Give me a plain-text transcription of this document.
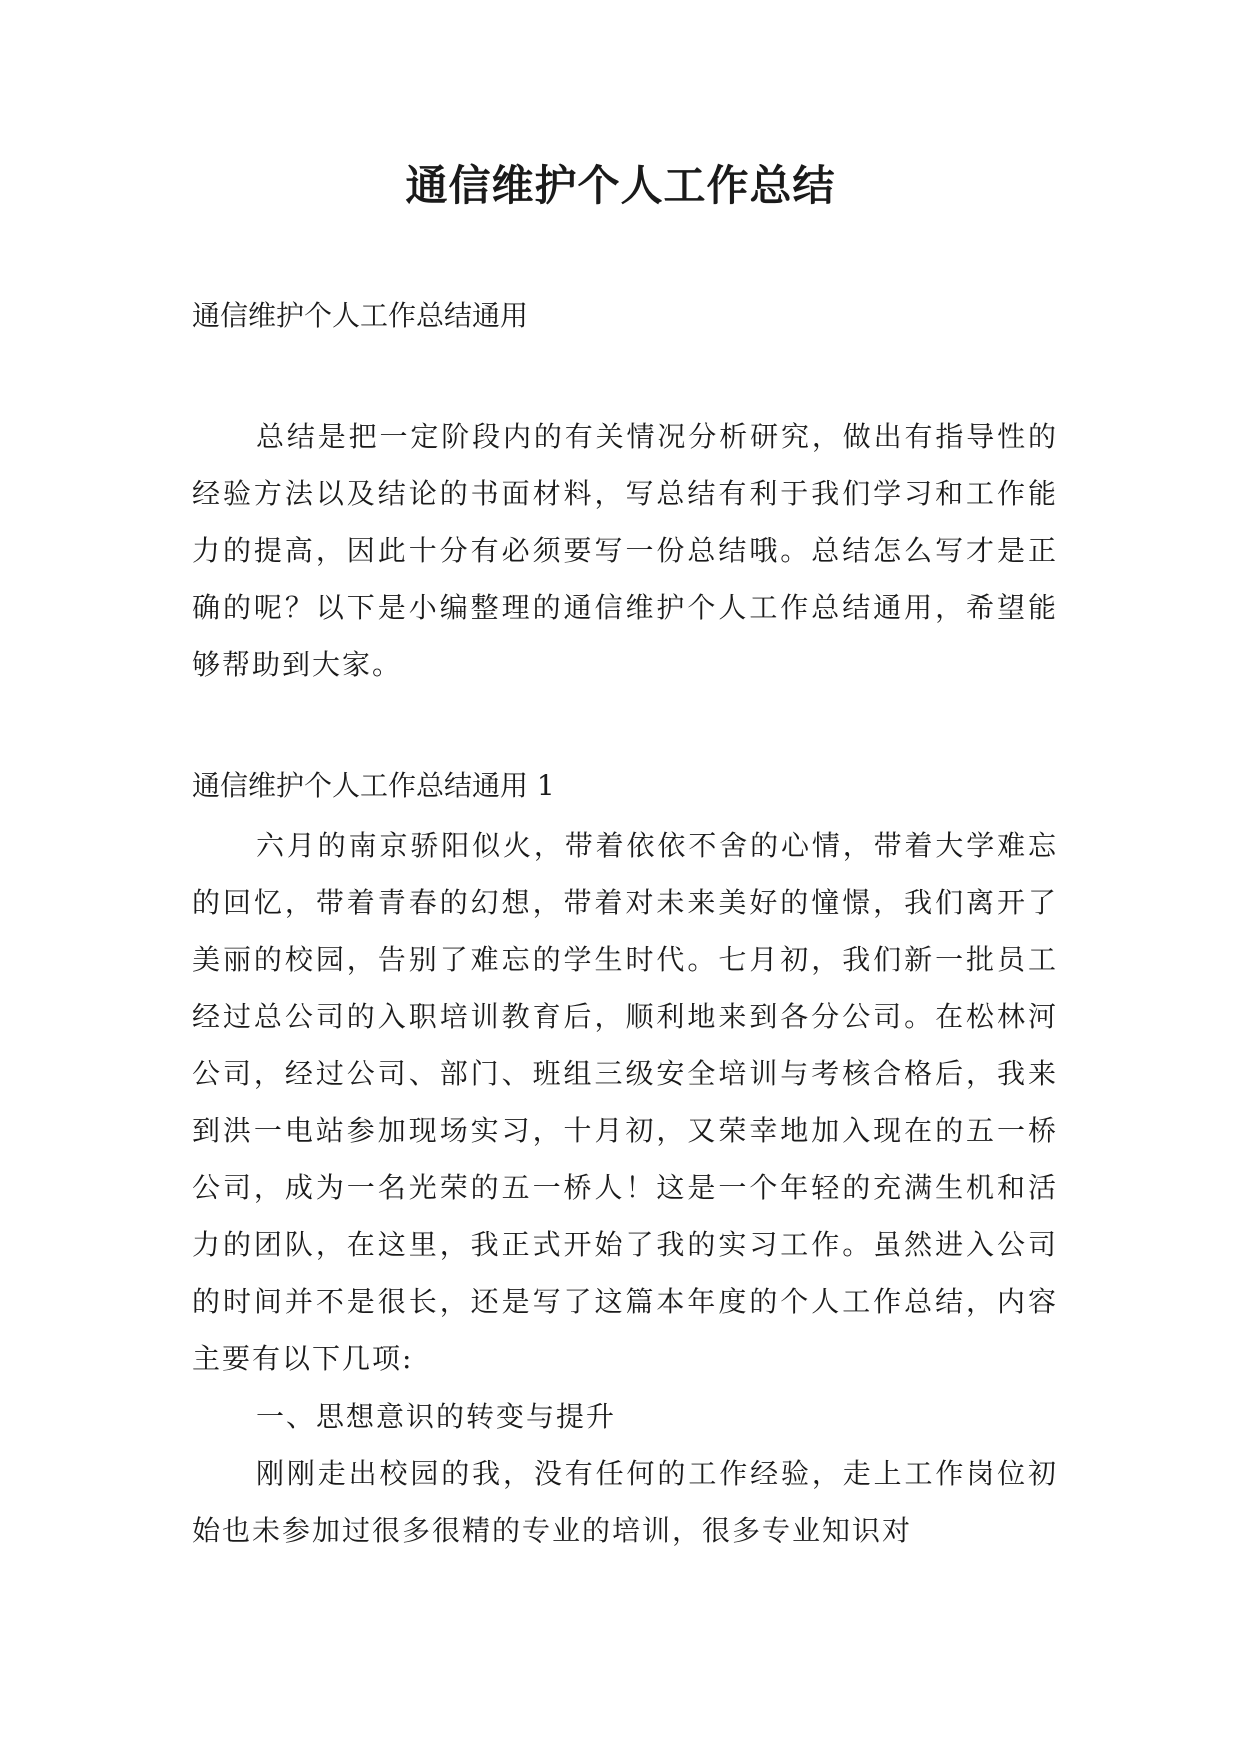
通信维护个人工作总结

通信维护个人工作总结通用

总结是把一定阶段内的有关情况分析研究，做出有指导性的经验方法以及结论的书面材料，写总结有利于我们学习和工作能力的提高，因此十分有必须要写一份总结哦。总结怎么写才是正确的呢？以下是小编整理的通信维护个人工作总结通用，希望能够帮助到大家。

通信维护个人工作总结通用 1

六月的南京骄阳似火，带着依依不舍的心情，带着大学难忘的回忆，带着青春的幻想，带着对未来美好的憧憬，我们离开了美丽的校园，告别了难忘的学生时代。七月初，我们新一批员工经过总公司的入职培训教育后，顺利地来到各分公司。在松林河公司，经过公司、部门、班组三级安全培训与考核合格后，我来到洪一电站参加现场实习，十月初，又荣幸地加入现在的五一桥公司，成为一名光荣的五一桥人！这是一个年轻的充满生机和活力的团队，在这里，我正式开始了我的实习工作。虽然进入公司的时间并不是很长，还是写了这篇本年度的个人工作总结，内容主要有以下几项:

一、思想意识的转变与提升

刚刚走出校园的我，没有任何的工作经验，走上工作岗位初始也未参加过很多很精的专业的培训，很多专业知识对
